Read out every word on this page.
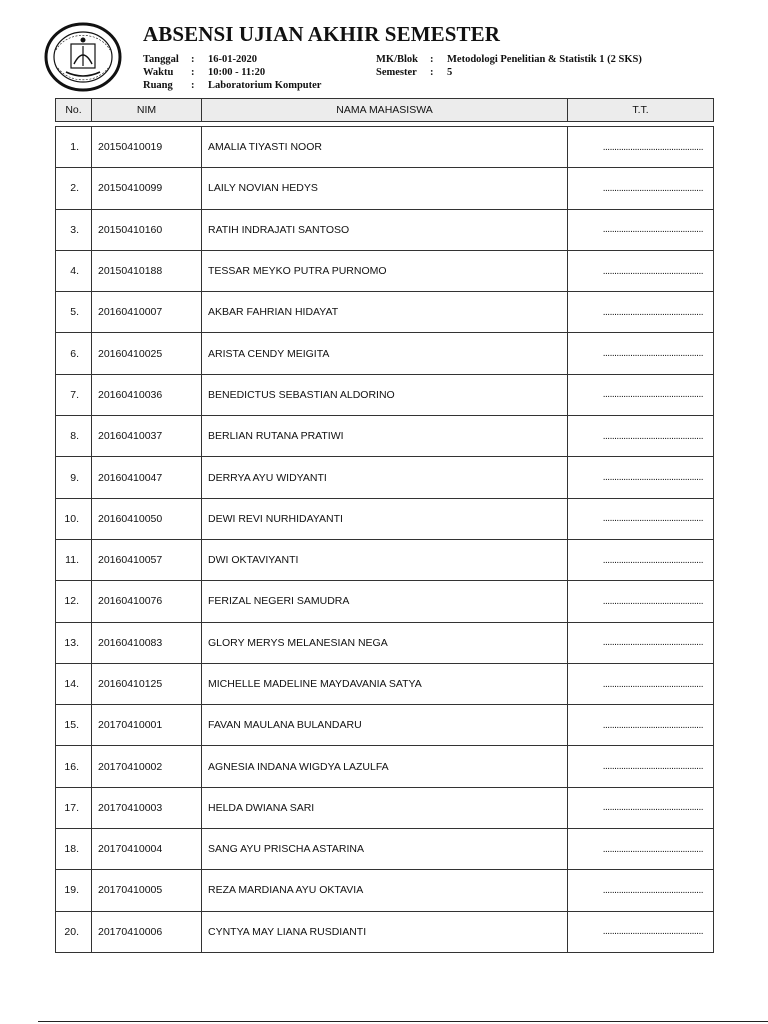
ABSENSI UJIAN AKHIR SEMESTER
Tanggal	:	16-01-2020
Waktu	:	10:00 - 11:20
Ruang	:	Laboratorium Komputer
MK/Blok	:	Metodologi Penelitian & Statistik 1 (2 SKS)
Semester	:	5
No.	NIM	NAMA MAHASISWA	T.T.
1.	20150410019	AMALIA TIYASTI NOOR	............................................
2.	20150410099	LAILY NOVIAN HEDYS	............................................
3.	20150410160	RATIH INDRAJATI SANTOSO	............................................
4.	20150410188	TESSAR MEYKO PUTRA PURNOMO	............................................
5.	20160410007	AKBAR FAHRIAN HIDAYAT	............................................
6.	20160410025	ARISTA CENDY MEIGITA	............................................
7.	20160410036	BENEDICTUS SEBASTIAN ALDORINO	............................................
8.	20160410037	BERLIAN RUTANA PRATIWI	............................................
9.	20160410047	DERRYA AYU WIDYANTI	............................................
10.	20160410050	DEWI REVI NURHIDAYANTI	............................................
11.	20160410057	DWI OKTAVIYANTI	............................................
12.	20160410076	FERIZAL NEGERI SAMUDRA	............................................
13.	20160410083	GLORY MERYS MELANESIAN NEGA	............................................
14.	20160410125	MICHELLE MADELINE MAYDAVANIA SATYA	............................................
15.	20170410001	FAVAN MAULANA BULANDARU	............................................
16.	20170410002	AGNESIA INDANA WIGDYA LAZULFA	............................................
17.	20170410003	HELDA DWIANA SARI	............................................
18.	20170410004	SANG AYU PRISCHA ASTARINA	............................................
19.	20170410005	REZA MARDIANA AYU OKTAVIA	............................................
20.	20170410006	CYNTYA MAY LIANA RUSDIANTI	............................................
